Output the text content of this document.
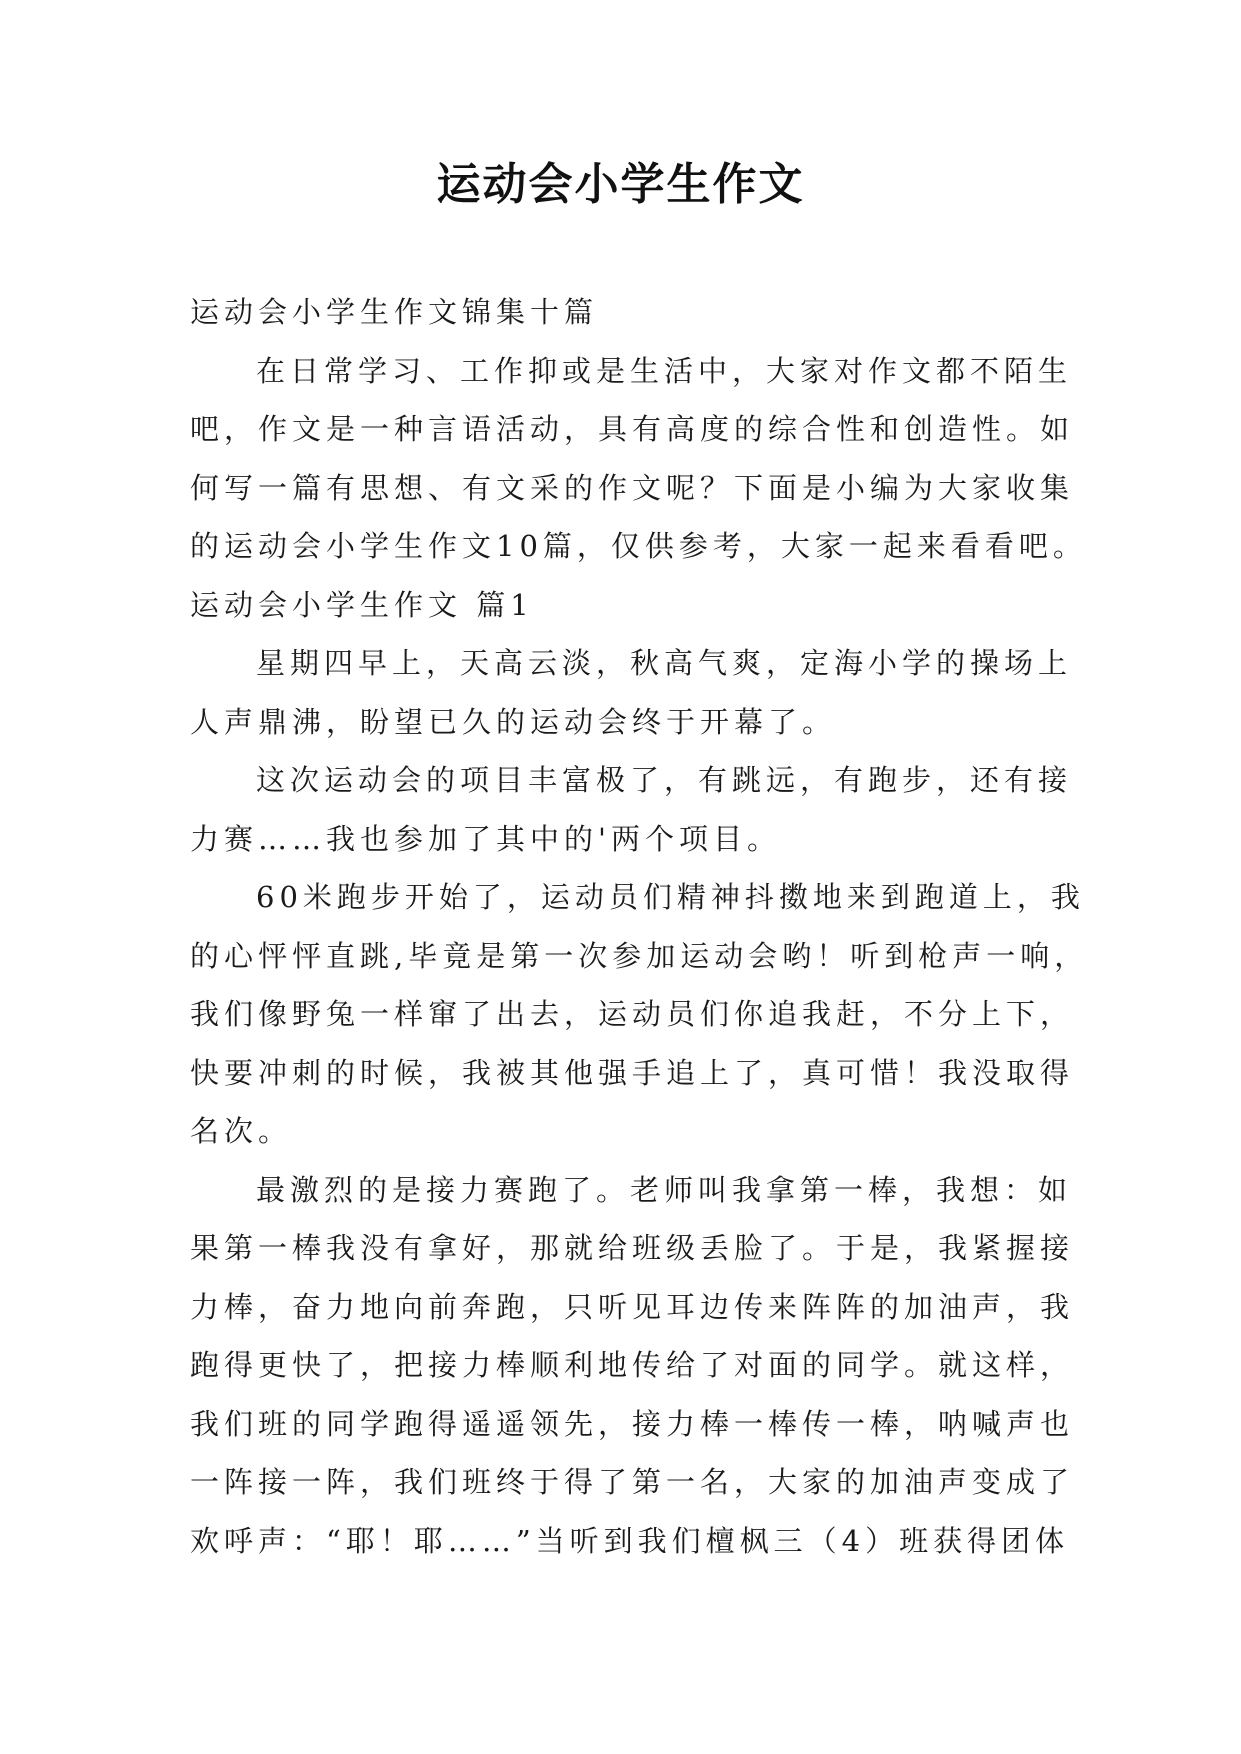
运动会小学生作文
运动会小学生作文锦集十篇
在日常学习、工作抑或是生活中，大家对作文都不陌生
吧，作文是一种言语活动，具有高度的综合性和创造性。如
何写一篇有思想、有文采的作文呢？下面是小编为大家收集
的运动会小学生作文10篇，仅供参考，大家一起来看看吧。
运动会小学生作文 篇1
星期四早上，天高云淡，秋高气爽，定海小学的操场上
人声鼎沸，盼望已久的运动会终于开幕了。
这次运动会的项目丰富极了，有跳远，有跑步，还有接
力赛……我也参加了其中的'两个项目。
60米跑步开始了，运动员们精神抖擞地来到跑道上，我
的心怦怦直跳,毕竟是第一次参加运动会哟！听到枪声一响，
我们像野兔一样窜了出去，运动员们你追我赶，不分上下，
快要冲刺的时候，我被其他强手追上了，真可惜！我没取得
名次。
最激烈的是接力赛跑了。老师叫我拿第一棒，我想：如
果第一棒我没有拿好，那就给班级丢脸了。于是，我紧握接
力棒，奋力地向前奔跑，只听见耳边传来阵阵的加油声，我
跑得更快了，把接力棒顺利地传给了对面的同学。就这样，
我们班的同学跑得遥遥领先，接力棒一棒传一棒，呐喊声也
一阵接一阵，我们班终于得了第一名，大家的加油声变成了
欢呼声：“耶！耶……”当听到我们檀枫三（4）班获得团体
